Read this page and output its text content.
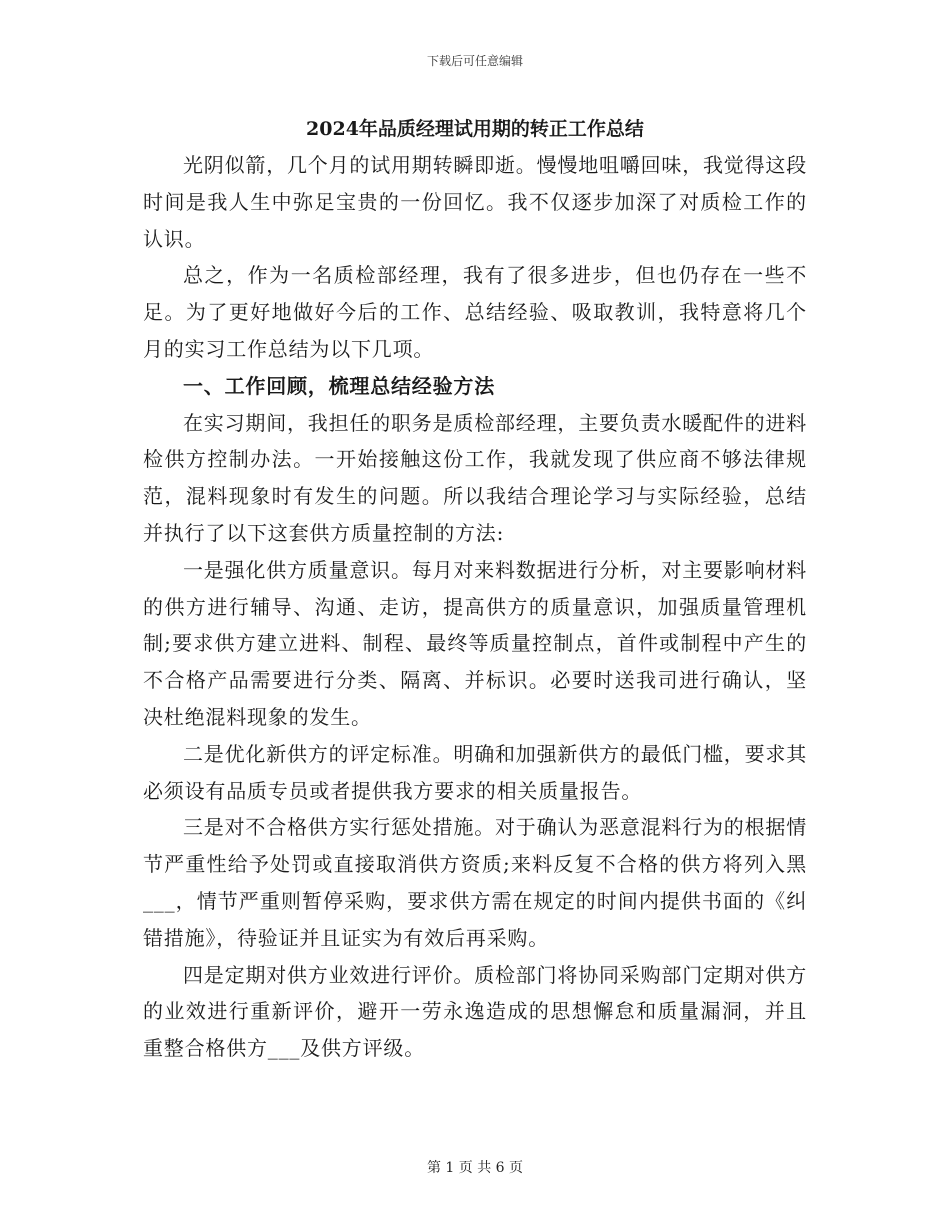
下载后可任意编辑
2024年品质经理试用期的转正工作总结

光阴似箭，几个月的试用期转瞬即逝。慢慢地咀嚼回味，我觉得这段时间是我人生中弥足宝贵的一份回忆。我不仅逐步加深了对质检工作的认识。

总之，作为一名质检部经理，我有了很多进步，但也仍存在一些不足。为了更好地做好今后的工作、总结经验、吸取教训，我特意将几个月的实习工作总结为以下几项。

一、工作回顾，梳理总结经验方法

在实习期间，我担任的职务是质检部经理，主要负责水暖配件的进料检供方控制办法。一开始接触这份工作，我就发现了供应商不够法律规范，混料现象时有发生的问题。所以我结合理论学习与实际经验，总结并执行了以下这套供方质量控制的方法:

一是强化供方质量意识。每月对来料数据进行分析，对主要影响材料的供方进行辅导、沟通、走访，提高供方的质量意识，加强质量管理机制;要求供方建立进料、制程、最终等质量控制点，首件或制程中产生的不合格产品需要进行分类、隔离、并标识。必要时送我司进行确认，坚决杜绝混料现象的发生。

二是优化新供方的评定标准。明确和加强新供方的最低门槛，要求其必须设有品质专员或者提供我方要求的相关质量报告。

三是对不合格供方实行惩处措施。对于确认为恶意混料行为的根据情节严重性给予处罚或直接取消供方资质;来料反复不合格的供方将列入黑___，情节严重则暂停采购，要求供方需在规定的时间内提供书面的《纠错措施》，待验证并且证实为有效后再采购。

四是定期对供方业效进行评价。质检部门将协同采购部门定期对供方的业效进行重新评价，避开一劳永逸造成的思想懈怠和质量漏洞，并且重整合格供方___及供方评级。

第 1 页 共 6 页
